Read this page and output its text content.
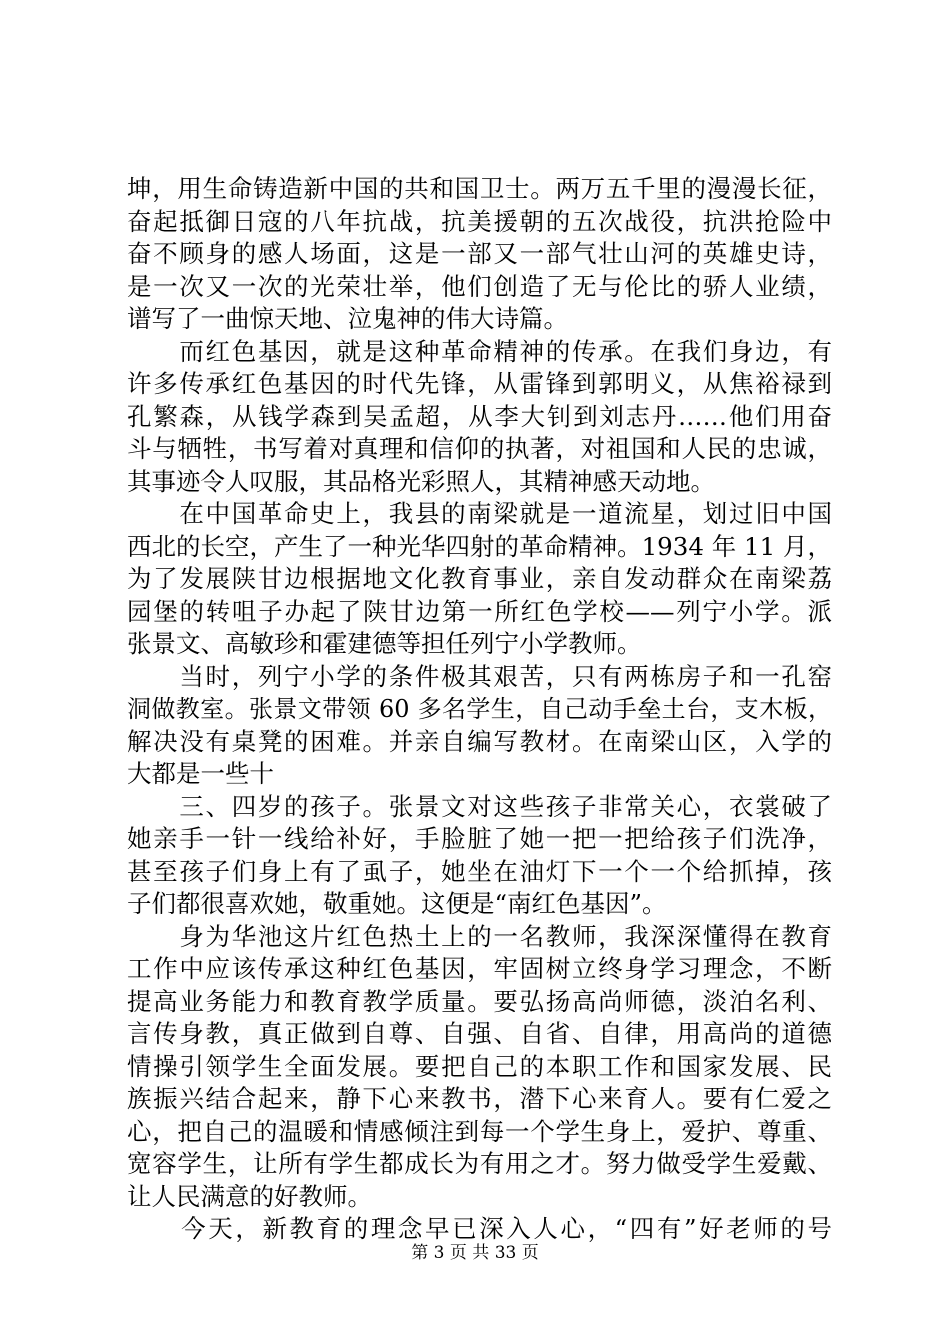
坤，用生命铸造新中国的共和国卫士。两万五千里的漫漫长征，
奋起抵御日寇的八年抗战，抗美援朝的五次战役，抗洪抢险中
奋不顾身的感人场面，这是一部又一部气壮山河的英雄史诗，
是一次又一次的光荣壮举，他们创造了无与伦比的骄人业绩，
谱写了一曲惊天地、泣鬼神的伟大诗篇。
　　而红色基因，就是这种革命精神的传承。在我们身边，有
许多传承红色基因的时代先锋，从雷锋到郭明义，从焦裕禄到
孔繁森，从钱学森到吴孟超，从李大钊到刘志丹……他们用奋
斗与牺牲，书写着对真理和信仰的执著，对祖国和人民的忠诚，
其事迹令人叹服，其品格光彩照人，其精神感天动地。
　　在中国革命史上，我县的南梁就是一道流星，划过旧中国
西北的长空，产生了一种光华四射的革命精神。1934 年 11 月，
为了发展陕甘边根据地文化教育事业，亲自发动群众在南梁荔
园堡的转咀子办起了陕甘边第一所红色学校——列宁小学。派
张景文、高敏珍和霍建德等担任列宁小学教师。
　　当时，列宁小学的条件极其艰苦，只有两栋房子和一孔窑
洞做教室。张景文带领 60 多名学生，自己动手垒土台，支木板，
解决没有桌凳的困难。并亲自编写教材。在南梁山区，入学的
大都是一些十
　　三、四岁的孩子。张景文对这些孩子非常关心，衣裳破了
她亲手一针一线给补好，手脸脏了她一把一把给孩子们洗净，
甚至孩子们身上有了虱子，她坐在油灯下一个一个给抓掉，孩
子们都很喜欢她，敬重她。这便是“南红色基因”。
　　身为华池这片红色热土上的一名教师，我深深懂得在教育
工作中应该传承这种红色基因，牢固树立终身学习理念，不断
提高业务能力和教育教学质量。要弘扬高尚师德，淡泊名利、
言传身教，真正做到自尊、自强、自省、自律，用高尚的道德
情操引领学生全面发展。要把自己的本职工作和国家发展、民
族振兴结合起来，静下心来教书，潜下心来育人。要有仁爱之
心，把自己的温暖和情感倾注到每一个学生身上，爱护、尊重、
宽容学生，让所有学生都成长为有用之才。努力做受学生爱戴、
让人民满意的好教师。
　　今天，新教育的理念早已深入人心，“四有”好老师的号
第 3 页 共 33 页
